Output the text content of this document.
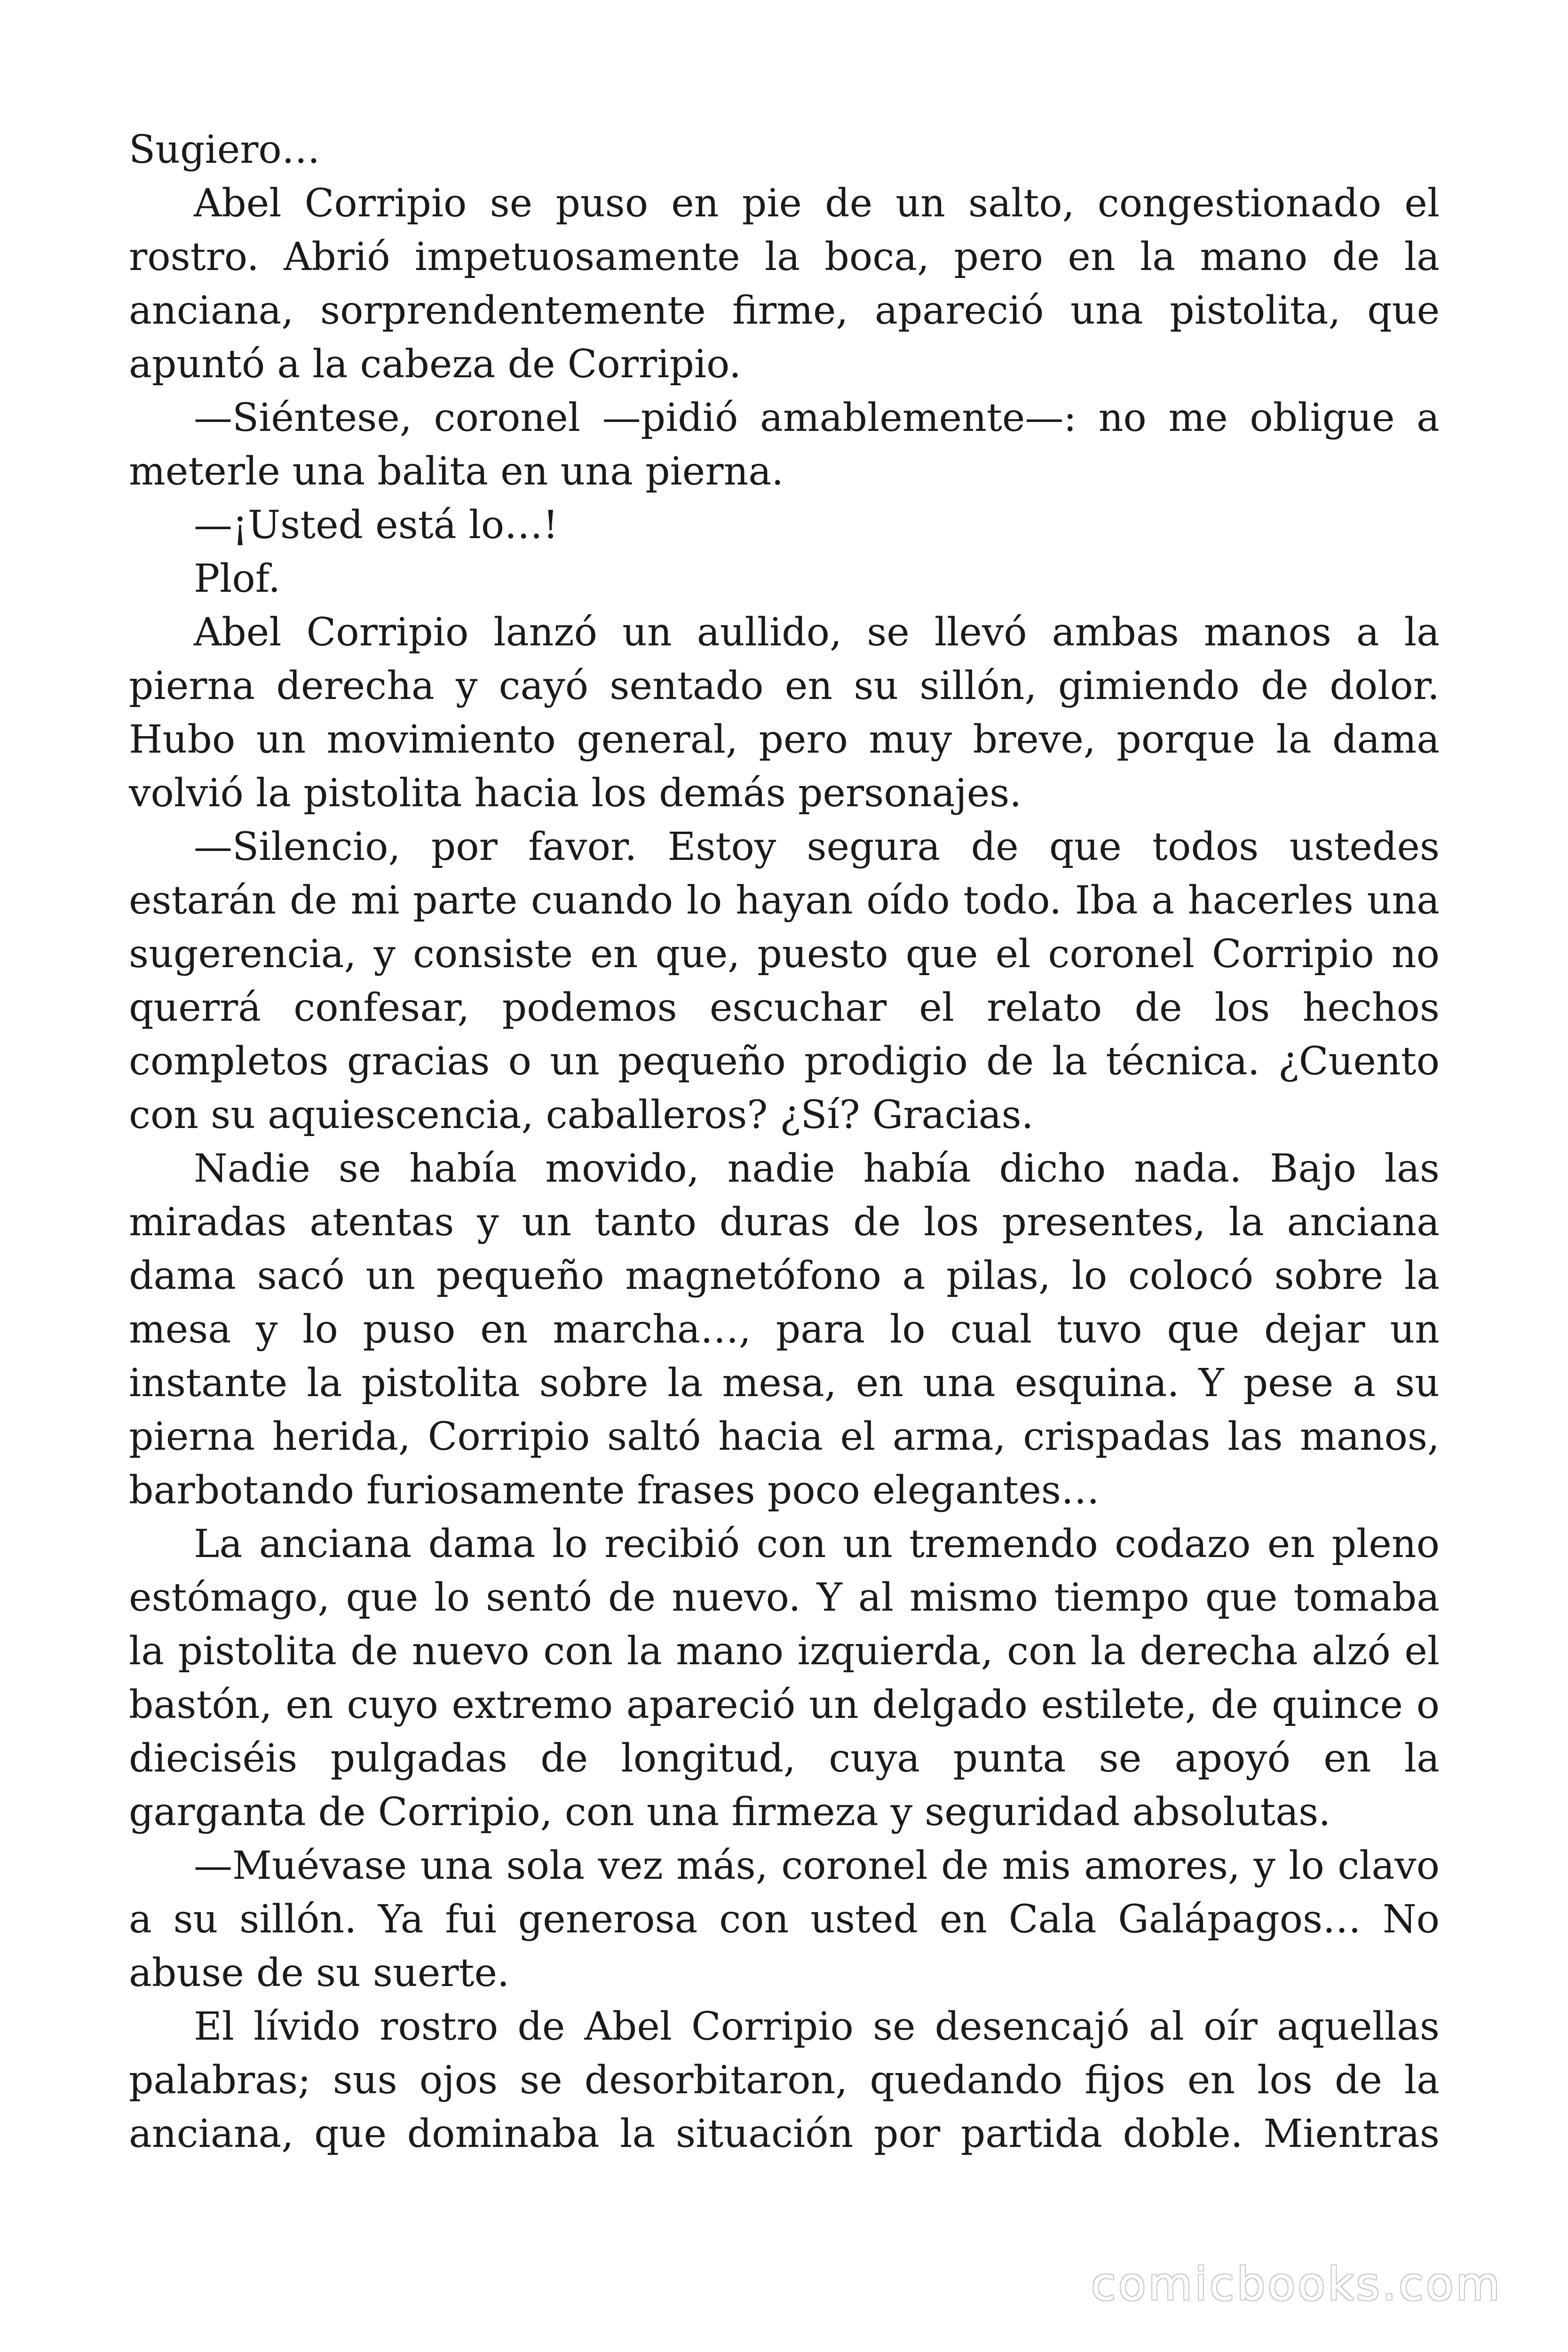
Sugiero…

Abel Corripio se puso en pie de un salto, congestionado el rostro. Abrió impetuosamente la boca, pero en la mano de la anciana, sorprendentemente firme, apareció una pistolita, que apuntó a la cabeza de Corripio.

—Siéntese, coronel —pidió amablemente—: no me obligue a meterle una balita en una pierna.

—¡Usted está lo…!

Plof.

Abel Corripio lanzó un aullido, se llevó ambas manos a la pierna derecha y cayó sentado en su sillón, gimiendo de dolor. Hubo un movimiento general, pero muy breve, porque la dama volvió la pistolita hacia los demás personajes.

—Silencio, por favor. Estoy segura de que todos ustedes estarán de mi parte cuando lo hayan oído todo. Iba a hacerles una sugerencia, y consiste en que, puesto que el coronel Corripio no querrá confesar, podemos escuchar el relato de los hechos completos gracias o un pequeño prodigio de la técnica. ¿Cuento con su aquiescencia, caballeros? ¿Sí? Gracias.

Nadie se había movido, nadie había dicho nada. Bajo las miradas atentas y un tanto duras de los presentes, la anciana dama sacó un pequeño magnetófono a pilas, lo colocó sobre la mesa y lo puso en marcha…, para lo cual tuvo que dejar un instante la pistolita sobre la mesa, en una esquina. Y pese a su pierna herida, Corripio saltó hacia el arma, crispadas las manos, barbotando furiosamente frases poco elegantes…

La anciana dama lo recibió con un tremendo codazo en pleno estómago, que lo sentó de nuevo. Y al mismo tiempo que tomaba la pistolita de nuevo con la mano izquierda, con la derecha alzó el bastón, en cuyo extremo apareció un delgado estilete, de quince o dieciséis pulgadas de longitud, cuya punta se apoyó en la garganta de Corripio, con una firmeza y seguridad absolutas.

—Muévase una sola vez más, coronel de mis amores, y lo clavo a su sillón. Ya fui generosa con usted en Cala Galápagos… No abuse de su suerte.

El lívido rostro de Abel Corripio se desencajó al oír aquellas palabras; sus ojos se desorbitaron, quedando fijos en los de la anciana, que dominaba la situación por partida doble. Mientras

comicbooks.com
